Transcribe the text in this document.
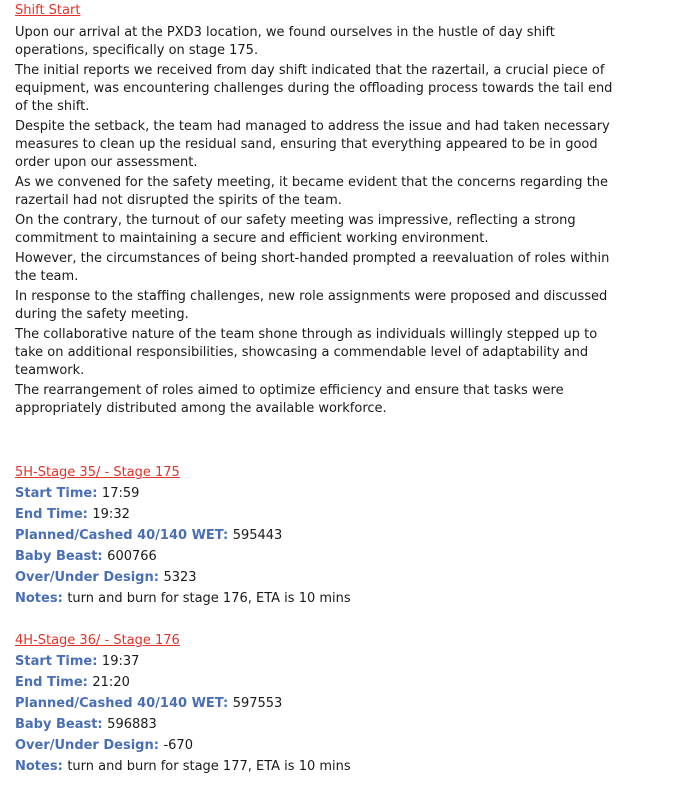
Shift Start

Upon our arrival at the PXD3 location, we found ourselves in the hustle of day shift operations, specifically on stage 175.

The initial reports we received from day shift indicated that the razertail, a crucial piece of equipment, was encountering challenges during the offloading process towards the tail end of the shift.

Despite the setback, the team had managed to address the issue and had taken necessary measures to clean up the residual sand, ensuring that everything appeared to be in good order upon our assessment.

As we convened for the safety meeting, it became evident that the concerns regarding the razertail had not disrupted the spirits of the team.

On the contrary, the turnout of our safety meeting was impressive, reflecting a strong commitment to maintaining a secure and efficient working environment.

However, the circumstances of being short-handed prompted a reevaluation of roles within the team.

In response to the staffing challenges, new role assignments were proposed and discussed during the safety meeting.

The collaborative nature of the team shone through as individuals willingly stepped up to take on additional responsibilities, showcasing a commendable level of adaptability and teamwork.

The rearrangement of roles aimed to optimize efficiency and ensure that tasks were appropriately distributed among the available workforce.

5H-Stage 35/ - Stage 175
Start Time: 17:59
End Time: 19:32
Planned/Cashed 40/140 WET: 595443
Baby Beast: 600766
Over/Under Design: 5323
Notes: turn and burn for stage 176, ETA is 10 mins
4H-Stage 36/ - Stage 176
Start Time: 19:37
End Time: 21:20
Planned/Cashed 40/140 WET: 597553
Baby Beast: 596883
Over/Under Design: -670
Notes: turn and burn for stage 177, ETA is 10 mins
